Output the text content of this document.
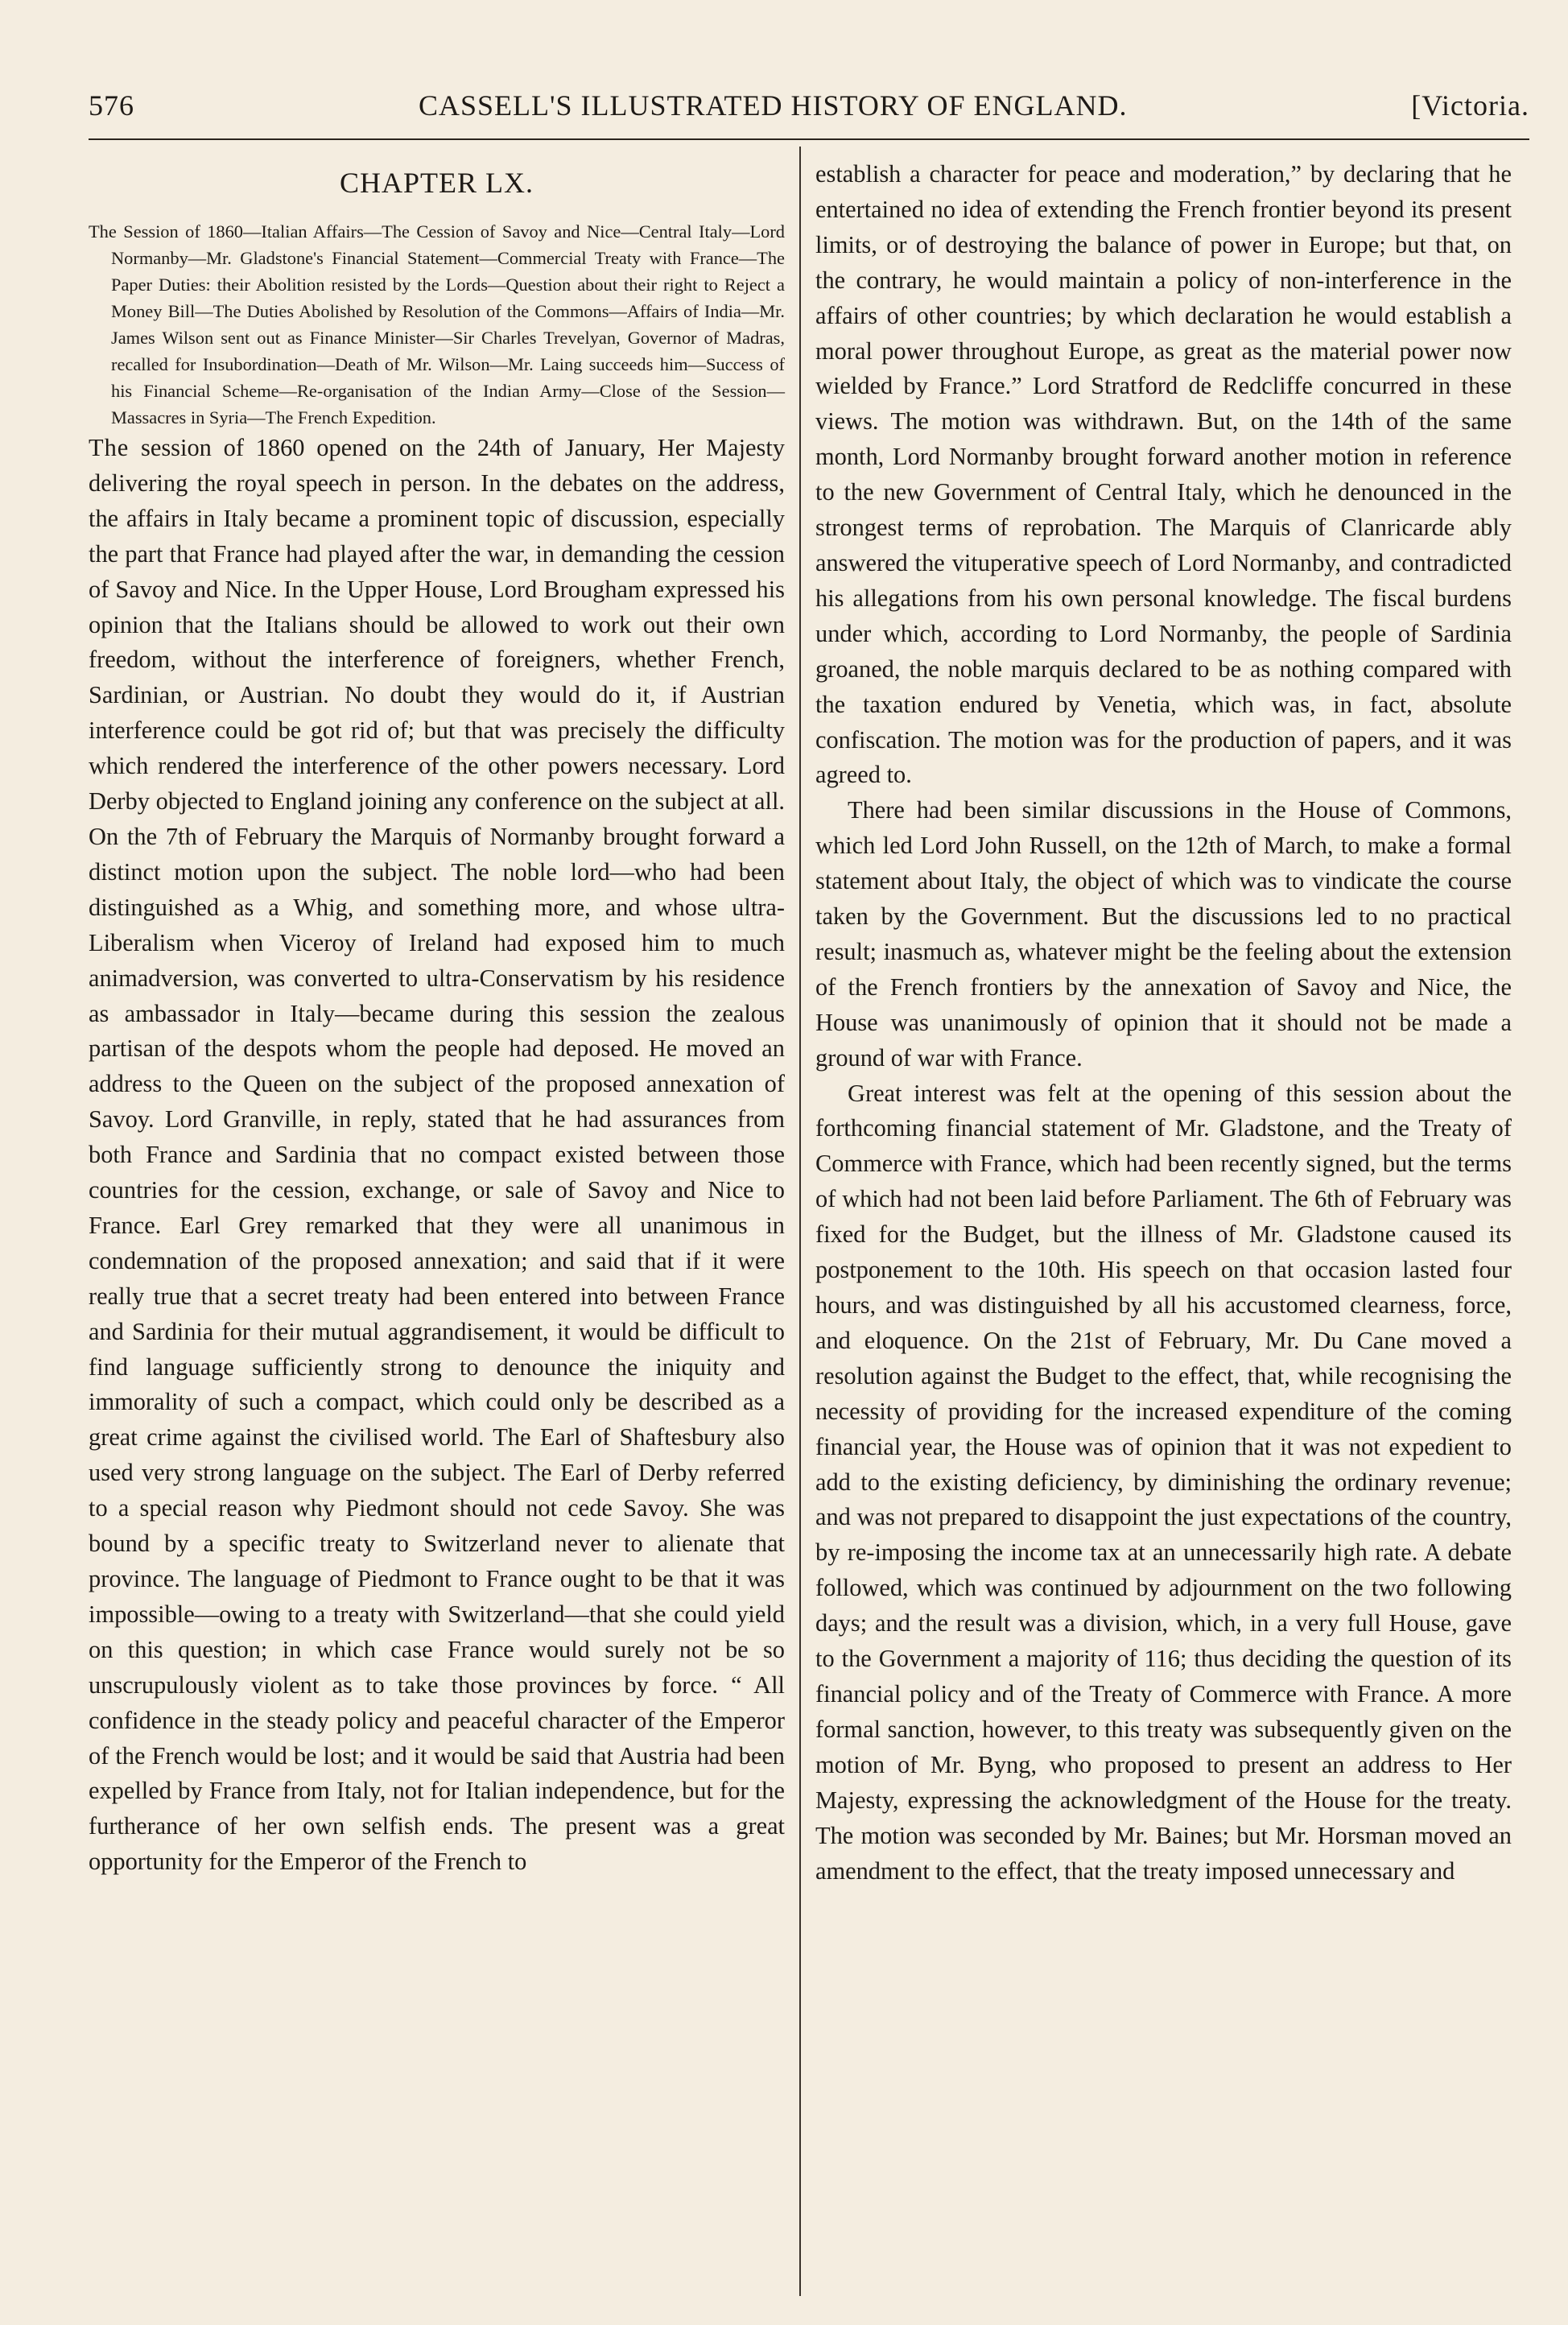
576	CASSELL'S ILLUSTRATED HISTORY OF ENGLAND.	[Victoria.
CHAPTER LX.

The Session of 1860—Italian Affairs—The Cession of Savoy and Nice—Central Italy—Lord Normanby—Mr. Gladstone's Financial Statement—Commercial Treaty with France—The Paper Duties: their Abolition resisted by the Lords—Question about their right to Reject a Money Bill—The Duties Abolished by Resolution of the Commons—Affairs of India—Mr. James Wilson sent out as Finance Minister—Sir Charles Trevelyan, Governor of Madras, recalled for Insubordination—Death of Mr. Wilson—Mr. Laing succeeds him—Success of his Financial Scheme—Re-organisation of the Indian Army—Close of the Session—Massacres in Syria—The French Expedition.

The session of 1860 opened on the 24th of January, Her Majesty delivering the royal speech in person. In the debates on the address, the affairs in Italy became a prominent topic of discussion, especially the part that France had played after the war, in demanding the cession of Savoy and Nice. In the Upper House, Lord Brougham expressed his opinion that the Italians should be allowed to work out their own freedom, without the interference of foreigners, whether French, Sardinian, or Austrian. No doubt they would do it, if Austrian interference could be got rid of; but that was precisely the difficulty which rendered the interference of the other powers necessary. Lord Derby objected to England joining any conference on the subject at all. On the 7th of February the Marquis of Normanby brought forward a distinct motion upon the subject. The noble lord—who had been distinguished as a Whig, and something more, and whose ultra-Liberalism when Viceroy of Ireland had exposed him to much animadversion, was converted to ultra-Conservatism by his residence as ambassador in Italy—became during this session the zealous partisan of the despots whom the people had deposed. He moved an address to the Queen on the subject of the proposed annexation of Savoy. Lord Granville, in reply, stated that he had assurances from both France and Sardinia that no compact existed between those countries for the cession, exchange, or sale of Savoy and Nice to France. Earl Grey remarked that they were all unanimous in condemnation of the proposed annexation; and said that if it were really true that a secret treaty had been entered into between France and Sardinia for their mutual aggrandisement, it would be difficult to find language sufficiently strong to denounce the iniquity and immorality of such a compact, which could only be described as a great crime against the civilised world. The Earl of Shaftesbury also used very strong language on the subject. The Earl of Derby referred to a special reason why Piedmont should not cede Savoy. She was bound by a specific treaty to Switzerland never to alienate that province. The language of Piedmont to France ought to be that it was impossible—owing to a treaty with Switzerland—that she could yield on this question; in which case France would surely not be so unscrupulously violent as to take those provinces by force. “ All confidence in the steady policy and peaceful character of the Emperor of the French would be lost; and it would be said that Austria had been expelled by France from Italy, not for Italian independence, but for the furtherance of her own selfish ends. The present was a great opportunity for the Emperor of the French to

establish a character for peace and moderation,” by declaring that he entertained no idea of extending the French frontier beyond its present limits, or of destroying the balance of power in Europe; but that, on the contrary, he would maintain a policy of non-interference in the affairs of other countries; by which declaration he would establish a moral power throughout Europe, as great as the material power now wielded by France.” Lord Stratford de Redcliffe concurred in these views. The motion was withdrawn. But, on the 14th of the same month, Lord Normanby brought forward another motion in reference to the new Government of Central Italy, which he denounced in the strongest terms of reprobation. The Marquis of Clanricarde ably answered the vituperative speech of Lord Normanby, and contradicted his allegations from his own personal knowledge. The fiscal burdens under which, according to Lord Normanby, the people of Sardinia groaned, the noble marquis declared to be as nothing compared with the taxation endured by Venetia, which was, in fact, absolute confiscation. The motion was for the production of papers, and it was agreed to.

There had been similar discussions in the House of Commons, which led Lord John Russell, on the 12th of March, to make a formal statement about Italy, the object of which was to vindicate the course taken by the Government. But the discussions led to no practical result; inasmuch as, whatever might be the feeling about the extension of the French frontiers by the annexation of Savoy and Nice, the House was unanimously of opinion that it should not be made a ground of war with France.

Great interest was felt at the opening of this session about the forthcoming financial statement of Mr. Gladstone, and the Treaty of Commerce with France, which had been recently signed, but the terms of which had not been laid before Parliament. The 6th of February was fixed for the Budget, but the illness of Mr. Gladstone caused its postponement to the 10th. His speech on that occasion lasted four hours, and was distinguished by all his accustomed clearness, force, and eloquence. On the 21st of February, Mr. Du Cane moved a resolution against the Budget to the effect, that, while recognising the necessity of providing for the increased expenditure of the coming financial year, the House was of opinion that it was not expedient to add to the existing deficiency, by diminishing the ordinary revenue; and was not prepared to disappoint the just expectations of the country, by re-imposing the income tax at an unnecessarily high rate. A debate followed, which was continued by adjournment on the two following days; and the result was a division, which, in a very full House, gave to the Government a majority of 116; thus deciding the question of its financial policy and of the Treaty of Commerce with France. A more formal sanction, however, to this treaty was subsequently given on the motion of Mr. Byng, who proposed to present an address to Her Majesty, expressing the acknowledgment of the House for the treaty. The motion was seconded by Mr. Baines; but Mr. Horsman moved an amendment to the effect, that the treaty imposed unnecessary and
